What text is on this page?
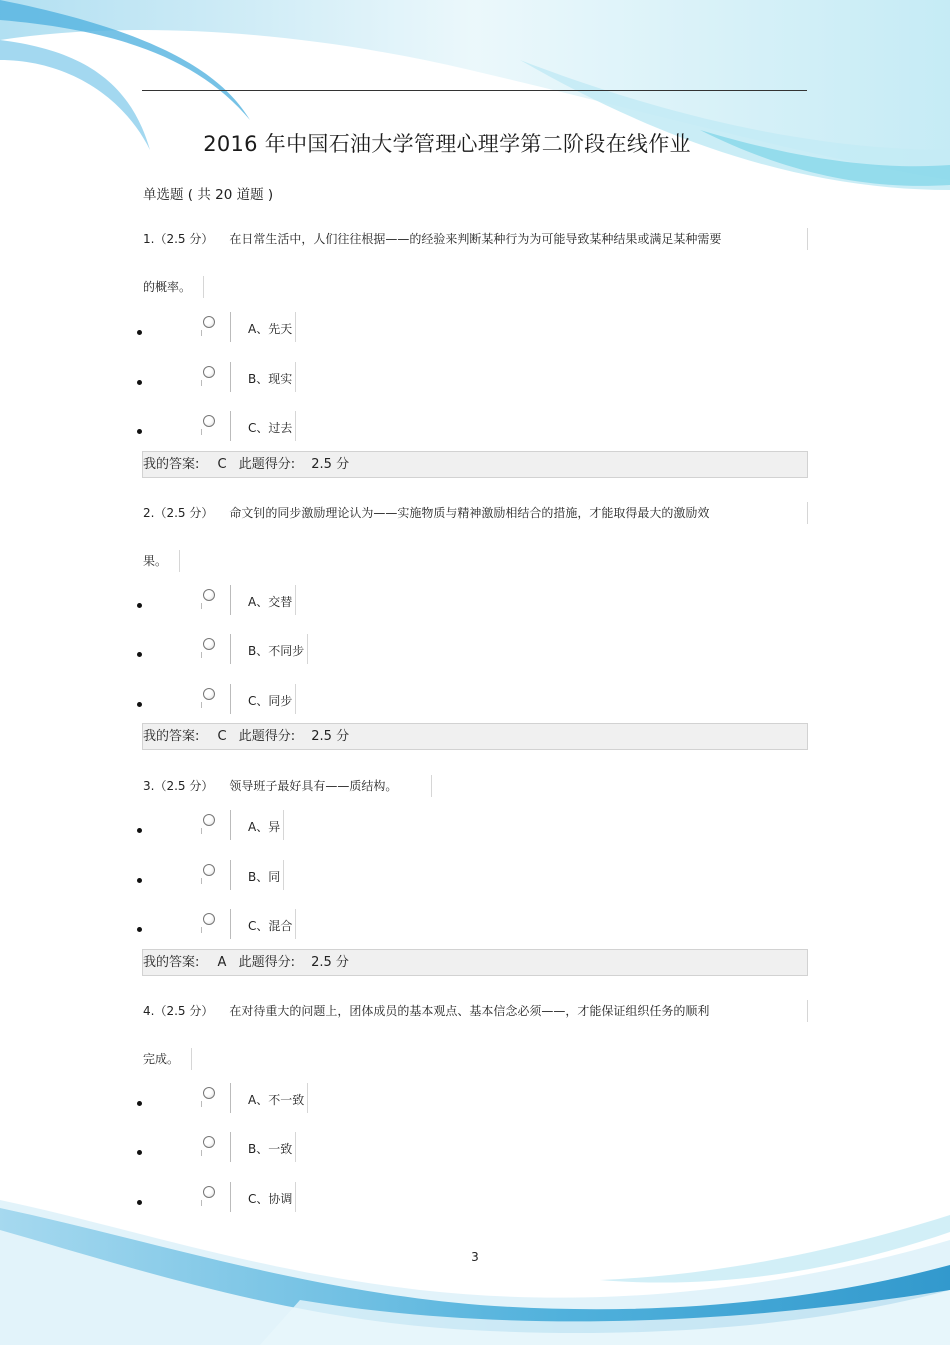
2016 年中国石油大学管理心理学第二阶段在线作业
单选题 ( 共 20 道题 )
1.（2.5 分） 在日常生活中，人们往往根据——的经验来判断某种行为为可能导致某种结果或满足某种需要
的概率。
A、先天
B、现实
C、过去
我的答案: C 此题得分: 2.5 分
2.（2.5 分） 命文钊的同步激励理论认为——实施物质与精神激励相结合的措施，才能取得最大的激励效
果。
A、交替
B、不同步
C、同步
我的答案: C 此题得分: 2.5 分
3.（2.5 分） 领导班子最好具有——质结构。
A、异
B、同
C、混合
我的答案: A 此题得分: 2.5 分
4.（2.5 分） 在对待重大的问题上，团体成员的基本观点、基本信念必须——，才能保证组织任务的顺利
完成。
A、不一致
B、一致
C、协调
3
